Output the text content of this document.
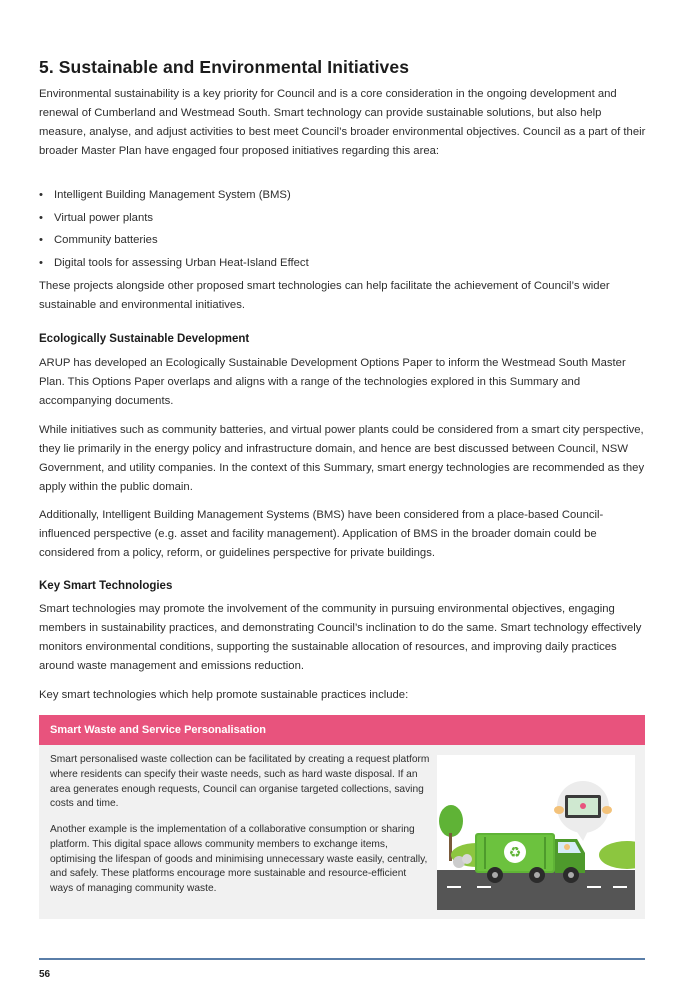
5. Sustainable and Environmental Initiatives

Environmental sustainability is a key priority for Council and is a core consideration in the ongoing development and renewal of Cumberland and Westmead South. Smart technology can provide sustainable solutions, but also help measure, analyse, and adjust activities to best meet Council’s broader environmental objectives. Council as a part of their broader Master Plan have engaged four proposed initiatives regarding this area:

• Intelligent Building Management System (BMS)
• Virtual power plants
• Community batteries
• Digital tools for assessing Urban Heat-Island Effect

These projects alongside other proposed smart technologies can help facilitate the achievement of Council’s wider sustainable and environmental initiatives.

Ecologically Sustainable Development

ARUP has developed an Ecologically Sustainable Development Options Paper to inform the Westmead South Master Plan. This Options Paper overlaps and aligns with a range of the technologies explored in this Summary and accompanying documents.

While initiatives such as community batteries, and virtual power plants could be considered from a smart city perspective, they lie primarily in the energy policy and infrastructure domain, and hence are best discussed between Council, NSW Government, and utility companies. In the context of this Summary, smart energy technologies are recommended as they apply within the public domain.

Additionally, Intelligent Building Management Systems (BMS) have been considered from a place-based Council-influenced perspective (e.g. asset and facility management). Application of BMS in the broader domain could be considered from a policy, reform, or guidelines perspective for private buildings.

Key Smart Technologies

Smart technologies may promote the involvement of the community in pursuing environmental objectives, engaging members in sustainability practices, and demonstrating Council’s inclination to do the same. Smart technology effectively monitors environmental conditions, supporting the sustainable allocation of resources, and improving daily practices around waste management and emissions reduction.

Key smart technologies which help promote sustainable practices include:

Smart Waste and Service Personalisation

Smart personalised waste collection can be facilitated by creating a request platform where residents can specify their waste needs, such as hard waste disposal. If an area generates enough requests, Council can organise targeted collections, saving costs and time.

Another example is the implementation of a collaborative consumption or sharing platform. This digital space allows community members to exchange items, optimising the lifespan of goods and minimising unnecessary waste easily, centrally, and safely. These platforms encourage more sustainable and resource-efficient ways of managing community waste.

♻
56
